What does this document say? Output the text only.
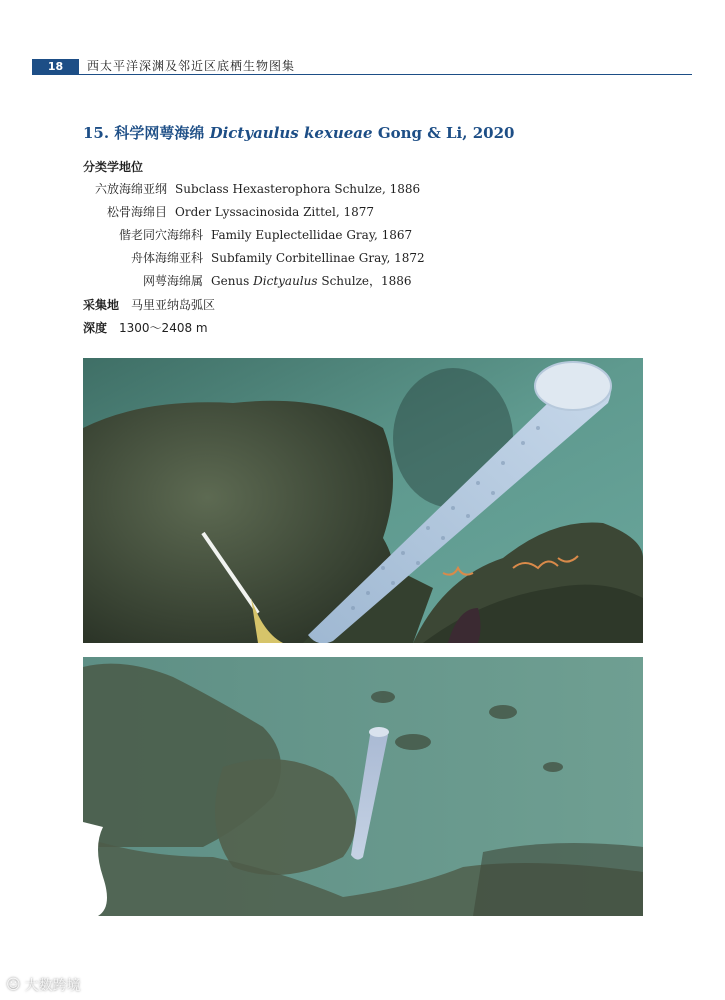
18	西太平洋深渊及邻近区底栖生物图集
15. 科学网萼海绵 Dictyaulus kexueae Gong & Li, 2020
分类学地位
六放海绵亚纲 Subclass Hexasterophora Schulze, 1886
松骨海绵目 Order Lyssacinosida Zittel, 1877
偕老同穴海绵科 Family Euplectellidae Gray, 1867
舟体海绵亚科 Subfamily Corbitellinae Gray, 1872
网萼海绵属 Genus Dictyaulus Schulze，1886
采集地 马里亚纳岛弧区
深度 1300～2408 m
☺ 大数跨境
